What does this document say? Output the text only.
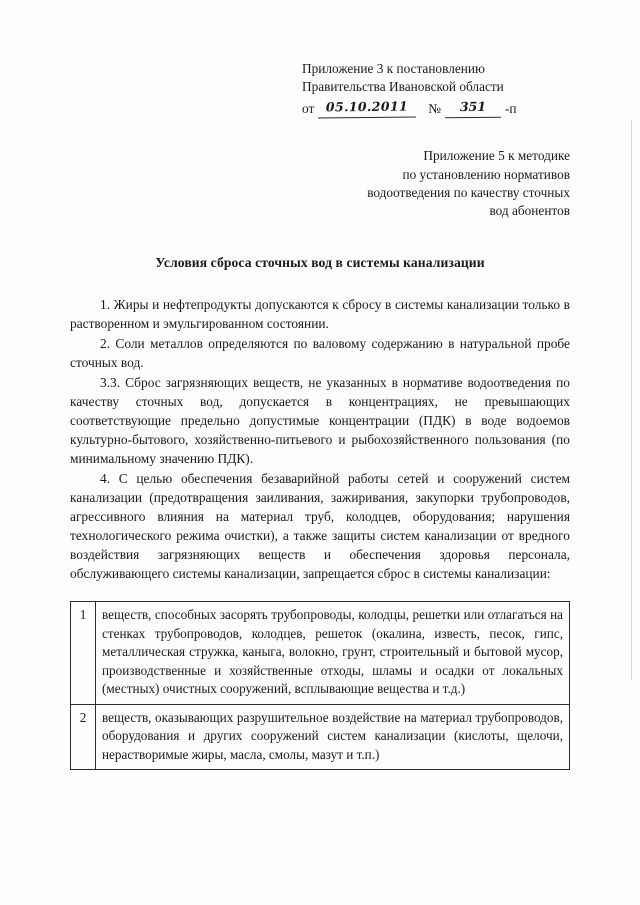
Приложение 3 к постановлению
Правительства Ивановской области
от 05.10.2011	№	351	-п
Приложение 5 к методике
по установлению нормативов
водоотведения по качеству сточных
вод абонентов
Условия сброса сточных вод в системы канализации

1. Жиры и нефтепродукты допускаются к сбросу в системы канализации только в растворенном и эмульгированном состоянии.

2. Соли металлов определяются по валовому содержанию в натуральной пробе сточных вод.

3.3. Сброс загрязняющих веществ, не указанных в нормативе водоотведения по качеству сточных вод, допускается в концентрациях, не превышающих соответствующие предельно допустимые концентрации (ПДК) в воде водоемов культурно-бытового, хозяйственно-питьевого и рыбохозяйственного пользования (по минимальному значению ПДК).

4. С целью обеспечения безаварийной работы сетей и сооружений систем канализации (предотвращения заиливания, зажиривания, закупорки трубопроводов, агрессивного влияния на материал труб, колодцев, оборудования; нарушения технологического режима очистки), а также защиты систем канализации от вредного воздействия загрязняющих веществ и обеспечения здоровья персонала, обслуживающего системы канализации, запрещается сброс в системы канализации:

1	веществ, способных засорять трубопроводы, колодцы, решетки или отлагаться на стенках трубопроводов, колодцев, решеток (окалина, известь, песок, гипс, металлическая стружка, каныга, волокно, грунт, строительный и бытовой мусор, производственные и хозяйственные отходы, шламы и осадки от локальных (местных) очистных сооружений, всплывающие вещества и т.д.)
2	веществ, оказывающих разрушительное воздействие на материал трубопроводов, оборудования и других сооружений систем канализации (кислоты, щелочи, нерастворимые жиры, масла, смолы, мазут и т.п.)
